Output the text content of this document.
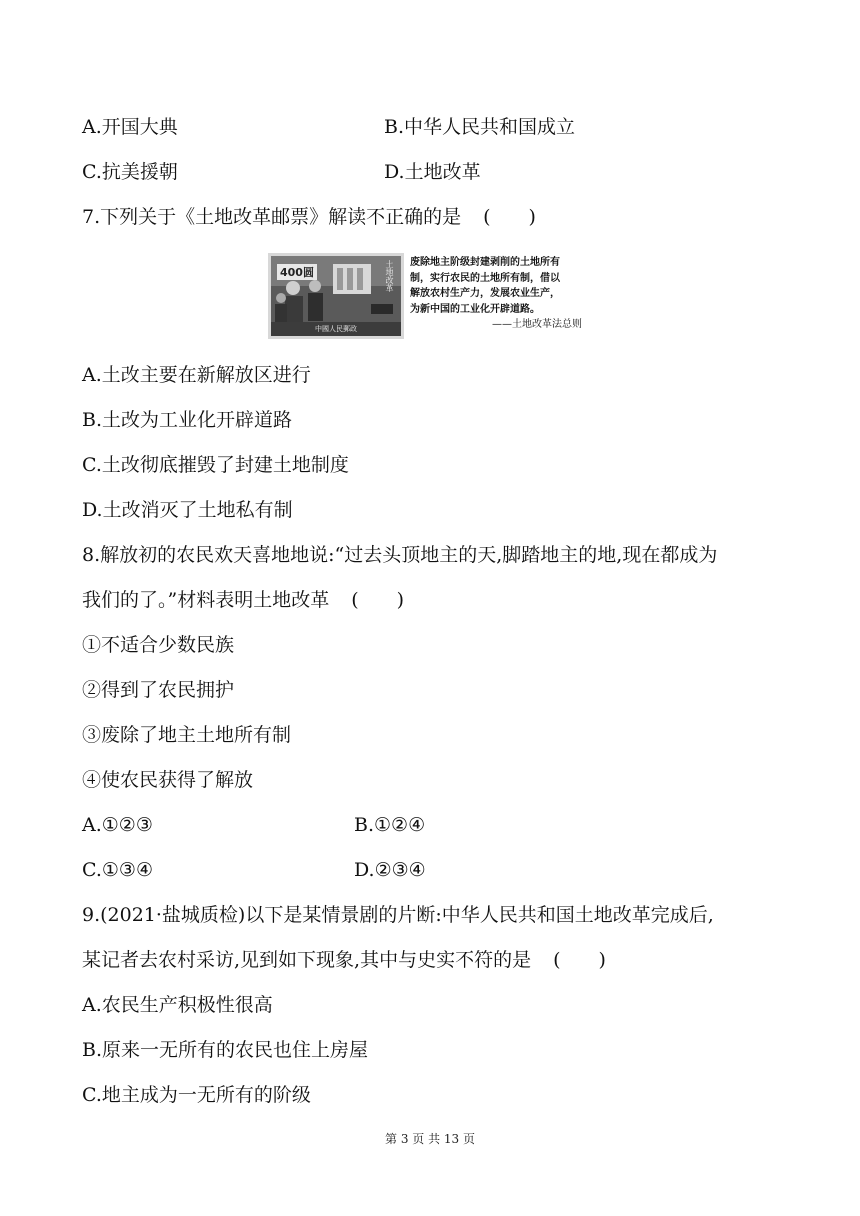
A.开国大典	B.中华人民共和国成立
C.抗美援朝	D.土地改革
7.下列关于《土地改革邮票》解读不正确的是 (　　)
400圆	土地改革
中國人民郵政
废除地主阶级封建剥削的土地所有
制，实行农民的土地所有制，借以
解放农村生产力，发展农业生产，
为新中国的工业化开辟道路。
——土地改革法总则
A.土改主要在新解放区进行
B.土改为工业化开辟道路
C.土改彻底摧毁了封建土地制度
D.土改消灭了土地私有制
8.解放初的农民欢天喜地地说:“过去头顶地主的天,脚踏地主的地,现在都成为
我们的了。”材料表明土地改革 (　　)
①不适合少数民族
②得到了农民拥护
③废除了地主土地所有制
④使农民获得了解放
A.①②③	B.①②④
C.①③④	D.②③④
9.(2021·盐城质检)以下是某情景剧的片断:中华人民共和国土地改革完成后,
某记者去农村采访,见到如下现象,其中与史实不符的是 (　　)
A.农民生产积极性很高
B.原来一无所有的农民也住上房屋
C.地主成为一无所有的阶级
第 3 页 共 13 页
